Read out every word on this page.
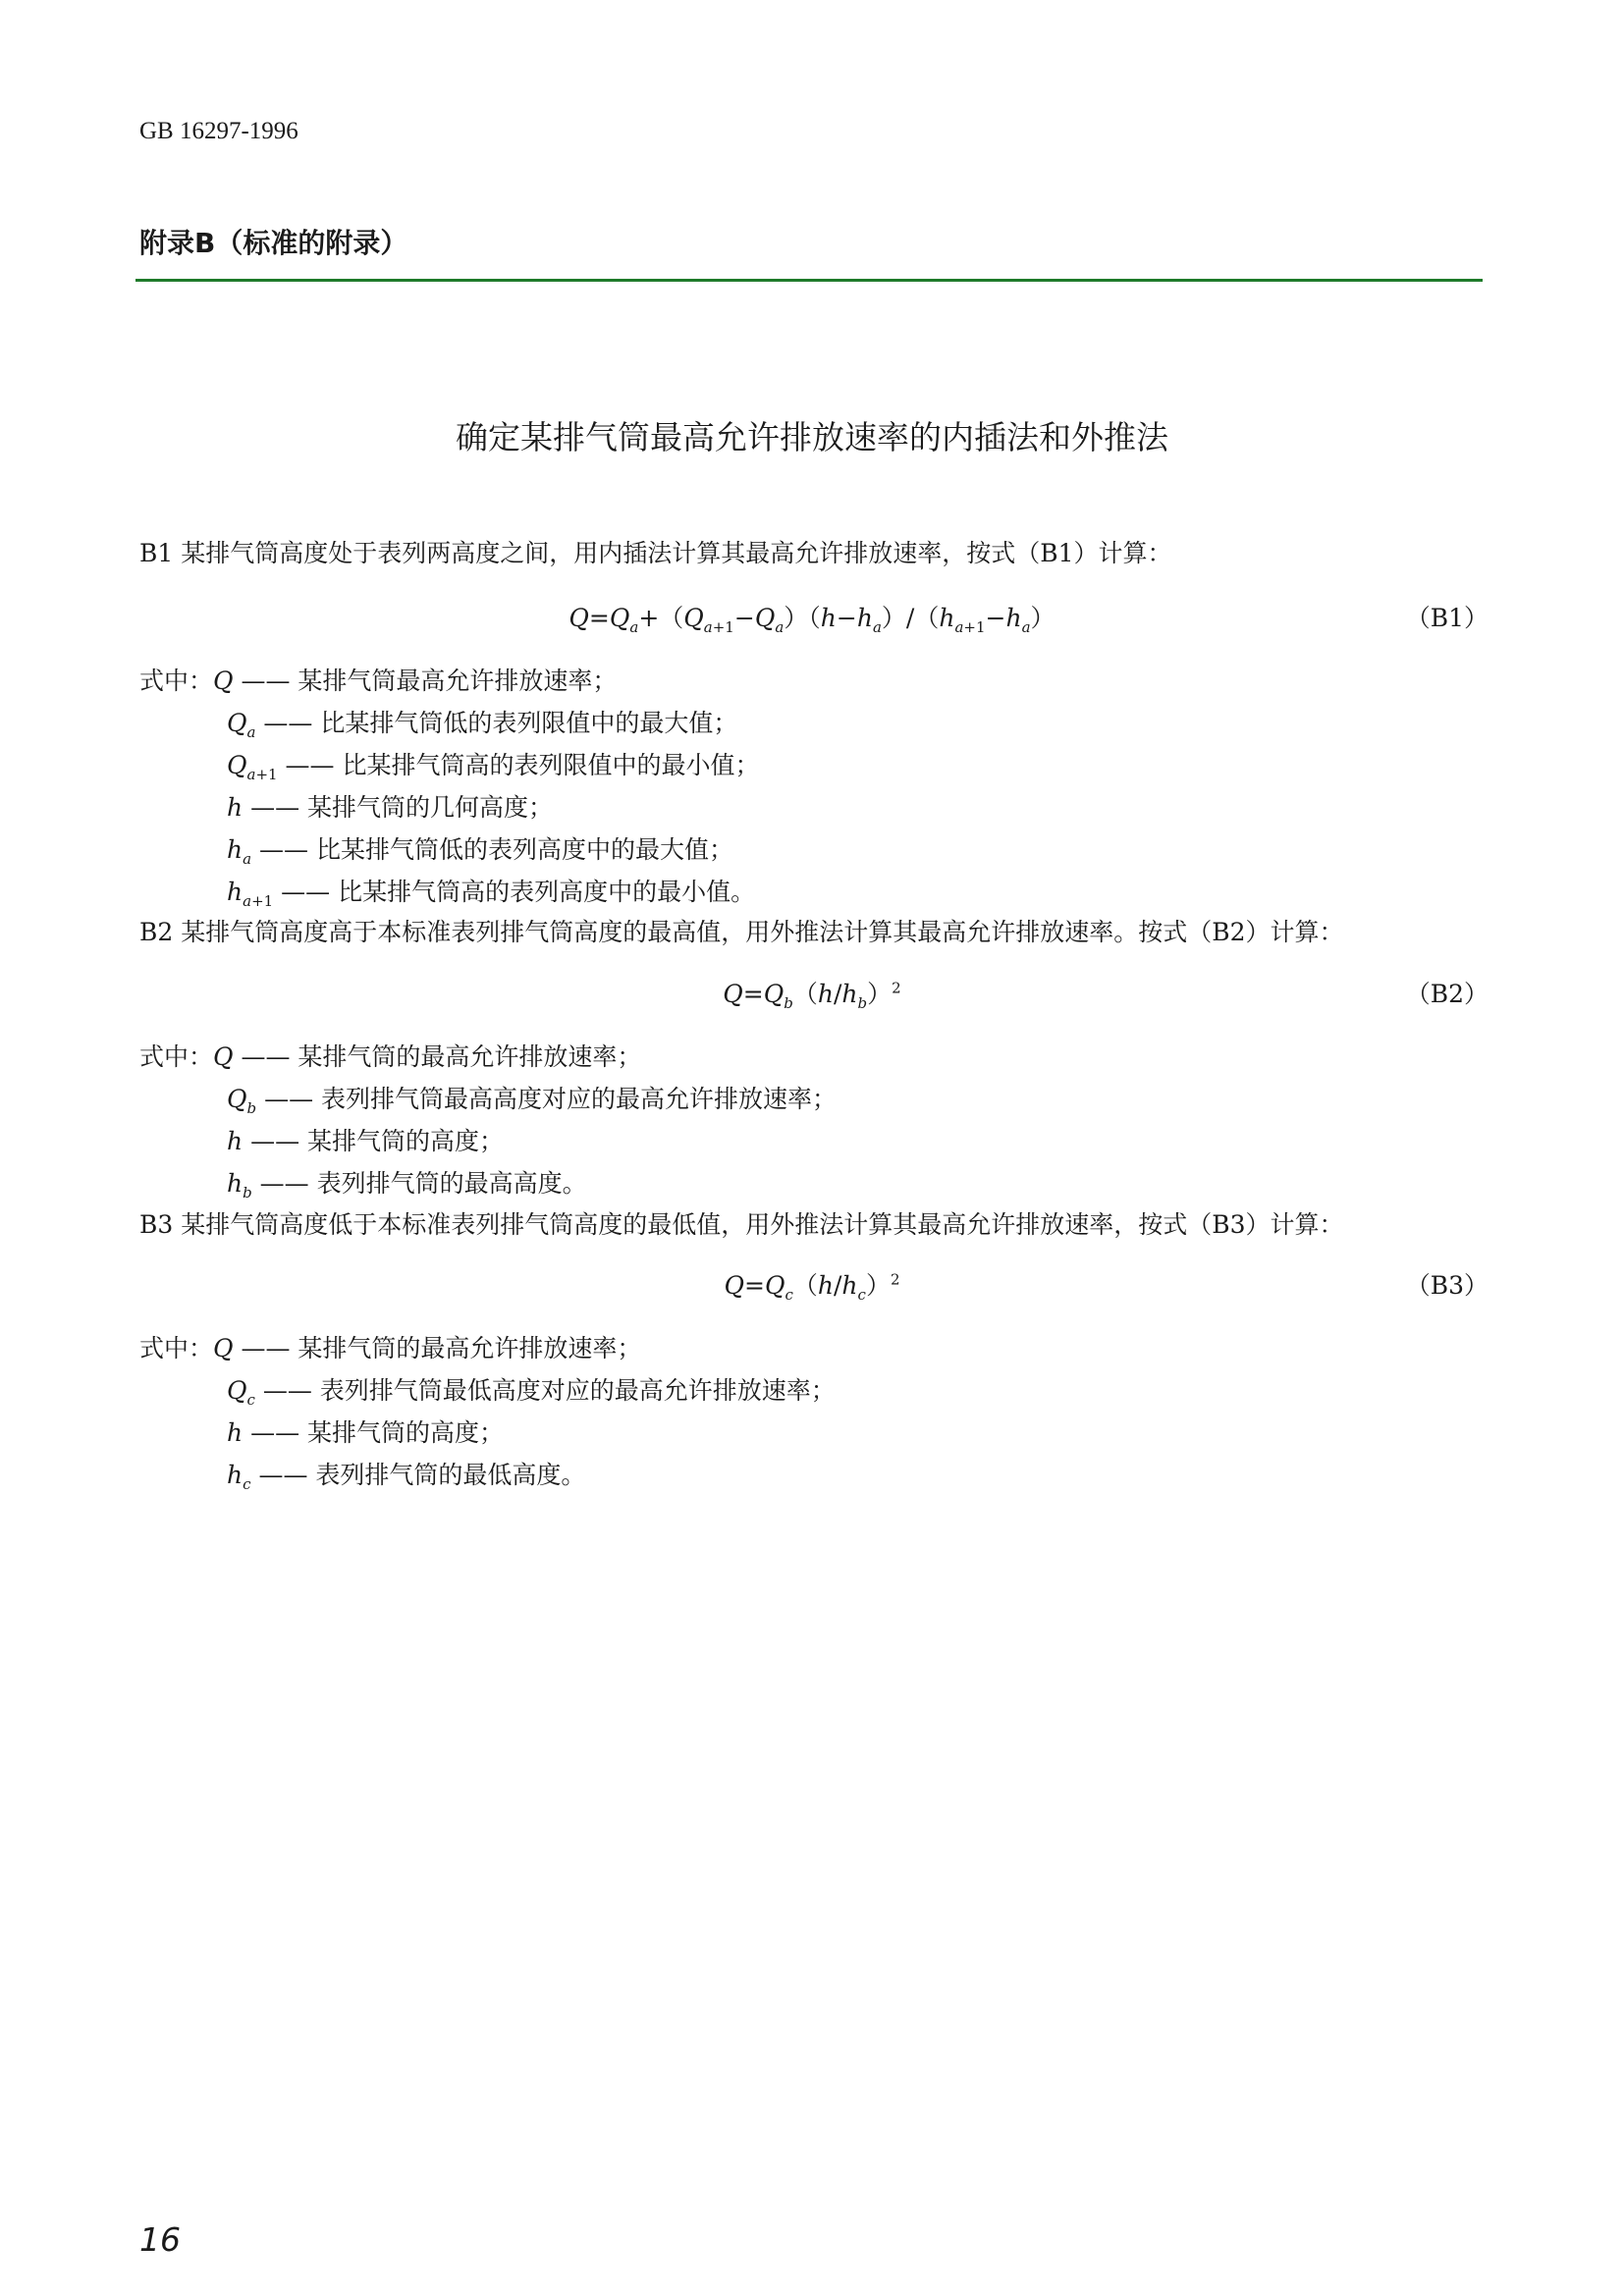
GB 16297-1996
附录B（标准的附录）
确定某排气筒最高允许排放速率的内插法和外推法
B1 某排气筒高度处于表列两高度之间，用内插法计算其最高允许排放速率，按式（B1）计算：
$Q=Q_a+(Q_{a+1}-Q_a)(h-h_a)/(h_{a+1}-h_a)$	（B1）
式中：Q —— 某排气筒最高允许排放速率；
$Q_a$ —— 比某排气筒低的表列限值中的最大值；
$Q_{a+1}$ —— 比某排气筒高的表列限值中的最小值；
h —— 某排气筒的几何高度；
$h_a$ —— 比某排气筒低的表列高度中的最大值；
$h_{a+1}$ —— 比某排气筒高的表列高度中的最小值。
B2 某排气筒高度高于本标准表列排气筒高度的最高值，用外推法计算其最高允许排放速率。按式（B2）计算：
$Q=Q_b(h/h_b)^2$	（B2）
式中：Q —— 某排气筒的最高允许排放速率；
$Q_b$ —— 表列排气筒最高高度对应的最高允许排放速率；
h —— 某排气筒的高度；
$h_b$ —— 表列排气筒的最高高度。
B3 某排气筒高度低于本标准表列排气筒高度的最低值，用外推法计算其最高允许排放速率，按式（B3）计算：
$Q=Q_c(h/h_c)^2$	（B3）
式中：Q —— 某排气筒的最高允许排放速率；
$Q_c$ —— 表列排气筒最低高度对应的最高允许排放速率；
h —— 某排气筒的高度；
$h_c$ —— 表列排气筒的最低高度。
16
